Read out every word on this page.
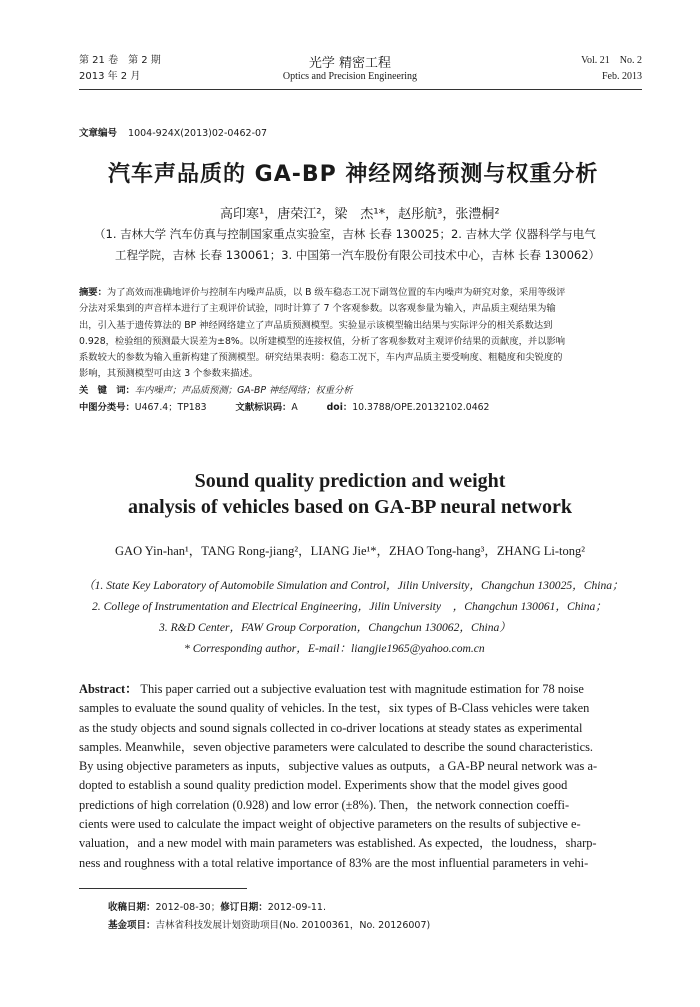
第 21 卷　第 2 期
2013 年 2 月
光学 精密工程
Optics and Precision Engineering
Vol. 21　No. 2
Feb. 2013
文章编号 1004-924X(2013)02-0462-07
汽车声品质的 GA-BP 神经网络预测与权重分析
高印寒¹，唐荣江²，梁　杰¹*，赵彤航³，张澧桐²
（1. 吉林大学 汽车仿真与控制国家重点实验室，吉林 长春 130025；2. 吉林大学 仪器科学与电气
工程学院，吉林 长春 130061；3. 中国第一汽车股份有限公司技术中心，吉林 长春 130062）
摘要：为了高效而准确地评价与控制车内噪声品质，以 B 级车稳态工况下副驾位置的车内噪声为研究对象，采用等级评
分法对采集到的声音样本进行了主观评价试验，同时计算了 7 个客观参数。以客观参量为输入，声品质主观结果为输
出，引入基于遗传算法的 BP 神经网络建立了声品质预测模型。实验显示该模型输出结果与实际评分的相关系数达到
0.928，检验组的预测最大误差为±8%。以所建模型的连接权值，分析了客观参数对主观评价结果的贡献度，并以影响
系数较大的参数为输入重新构建了预测模型。研究结果表明：稳态工况下，车内声品质主要受响度、粗糙度和尖锐度的
影响，其预测模型可由这 3 个参数来描述。
关　键　词：车内噪声；声品质预测；GA-BP 神经网络；权重分析
中图分类号：U467.4；TP183	文献标识码：A	doi：10.3788/OPE.20132102.0462
Sound quality prediction and weight
analysis of vehicles based on GA-BP neural network
GAO Yin-han¹，TANG Rong-jiang²，LIANG Jie¹*，ZHAO Tong-hang³，ZHANG Li-tong²
（1. State Key Laboratory of Automobile Simulation and Control，Jilin University，Changchun 130025，China；
2. College of Instrumentation and Electrical Engineering，Jilin University　，Changchun 130061，China；
3. R&D Center，FAW Group Corporation，Changchun 130062，China）
* Corresponding author，E-mail：liangjie1965@yahoo.com.cn
Abstract： This paper carried out a subjective evaluation test with magnitude estimation for 78 noise
samples to evaluate the sound quality of vehicles. In the test，six types of B-Class vehicles were taken
as the study objects and sound signals collected in co-driver locations at steady states as experimental
samples. Meanwhile，seven objective parameters were calculated to describe the sound characteristics.
By using objective parameters as inputs，subjective values as outputs，a GA-BP neural network was a-
dopted to establish a sound quality prediction model. Experiments show that the model gives good
predictions of high correlation (0.928) and low error (±8%). Then，the network connection coeffi-
cients were used to calculate the impact weight of objective parameters on the results of subjective e-
valuation，and a new model with main parameters was established. As expected，the loudness，sharp-
ness and roughness with a total relative importance of 83% are the most influential parameters in vehi-
收稿日期：2012-08-30；修订日期：2012-09-11.
基金项目：吉林省科技发展计划资助项目(No. 20100361，No. 20126007)
